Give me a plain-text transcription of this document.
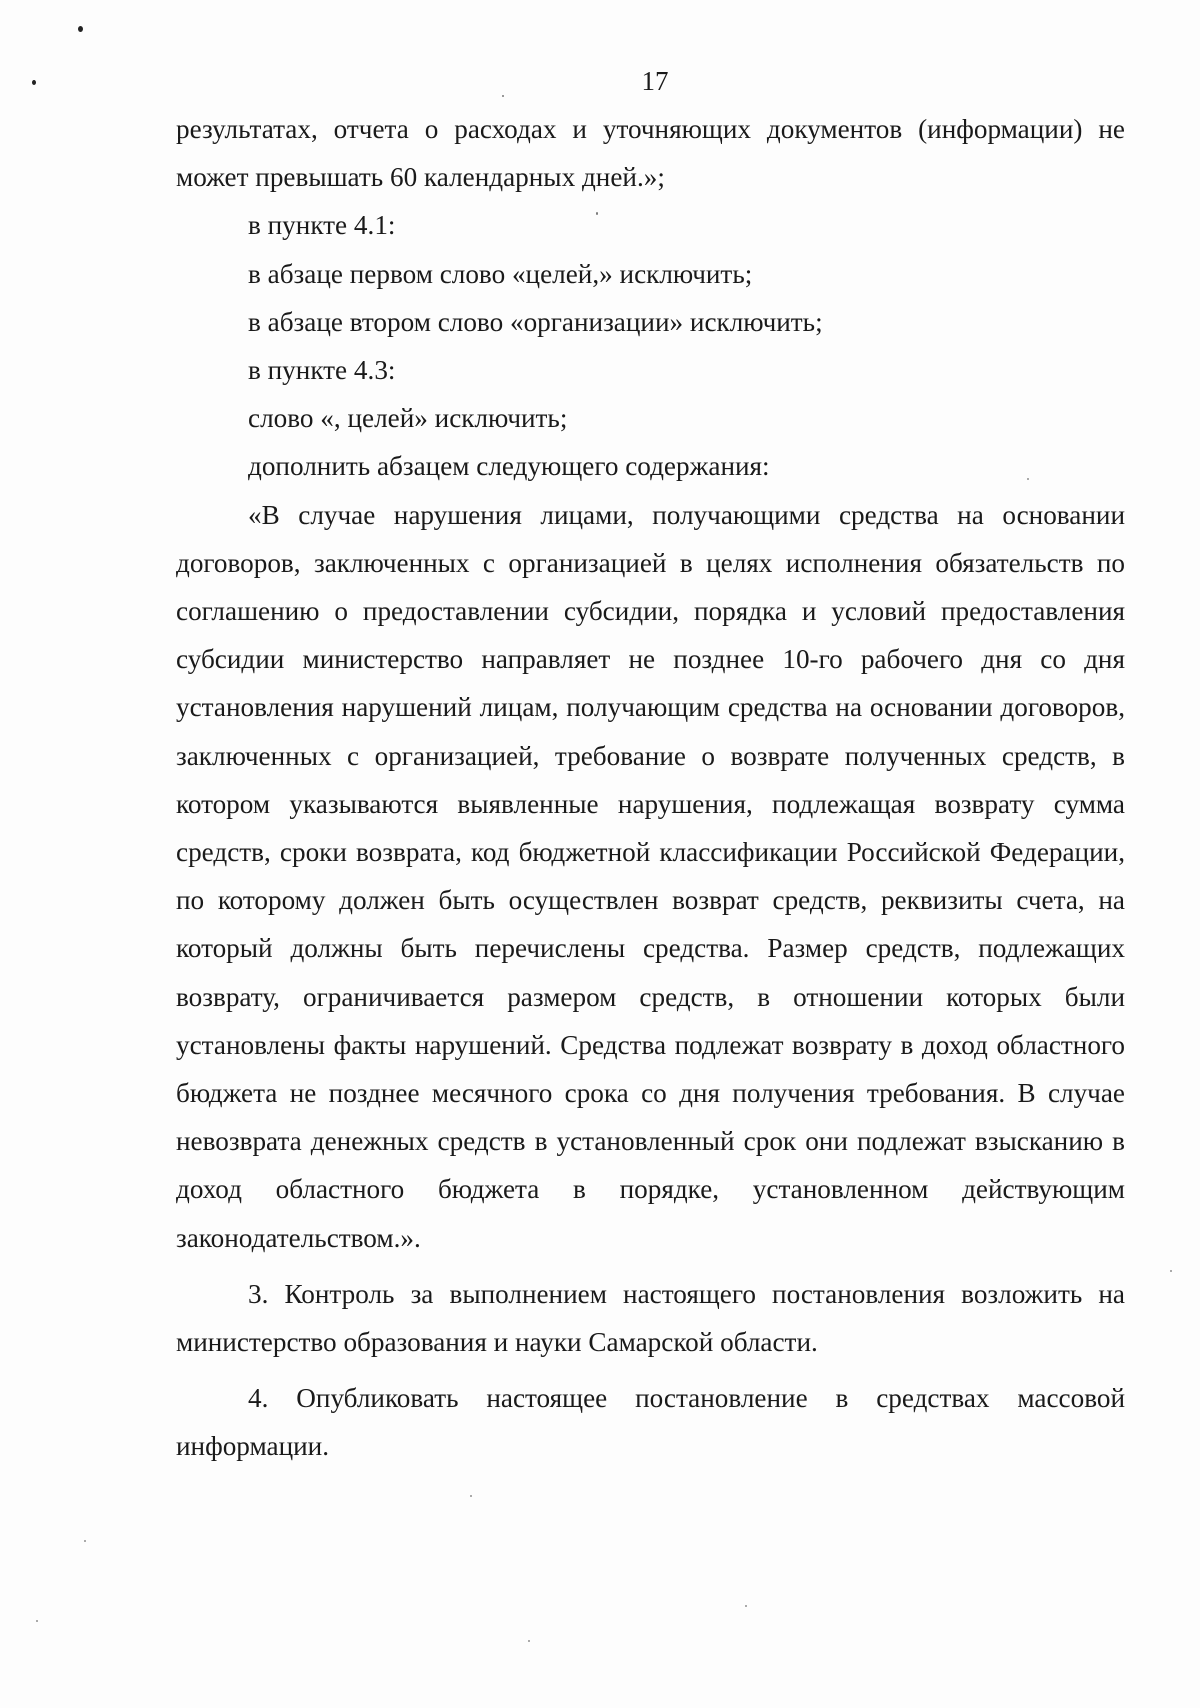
17

результатах, отчета о расходах и уточняющих документов (информации) не может превышать 60 календарных дней.»;

в пункте 4.1:

в абзаце первом слово «целей,» исключить;

в абзаце втором слово «организации» исключить;

в пункте 4.3:

слово «, целей» исключить;

дополнить абзацем следующего содержания:

«В случае нарушения лицами, получающими средства на основании договоров, заключенных с организацией в целях исполнения обязательств по соглашению о предоставлении субсидии, порядка и условий предоставления субсидии министерство направляет не позднее 10-го рабочего дня со дня установления нарушений лицам, получающим средства на основании договоров, заключенных с организацией, требование о возврате полученных средств, в котором указываются выявленные нарушения, подлежащая возврату сумма средств, сроки возврата, код бюджетной классификации Российской Федерации, по которому должен быть осуществлен возврат средств, реквизиты счета, на который должны быть перечислены средства. Размер средств, подлежащих возврату, ограничивается размером средств, в отношении которых были установлены факты нарушений. Средства подлежат возврату в доход областного бюджета не позднее месячного срока со дня получения требования. В случае невозврата денежных средств в установленный срок они подлежат взысканию в доход областного бюджета в порядке, установленном действующим законодательством.».

3. Контроль за выполнением настоящего постановления возложить на министерство образования и науки Самарской области.

4. Опубликовать настоящее постановление в средствах массовой информации.
